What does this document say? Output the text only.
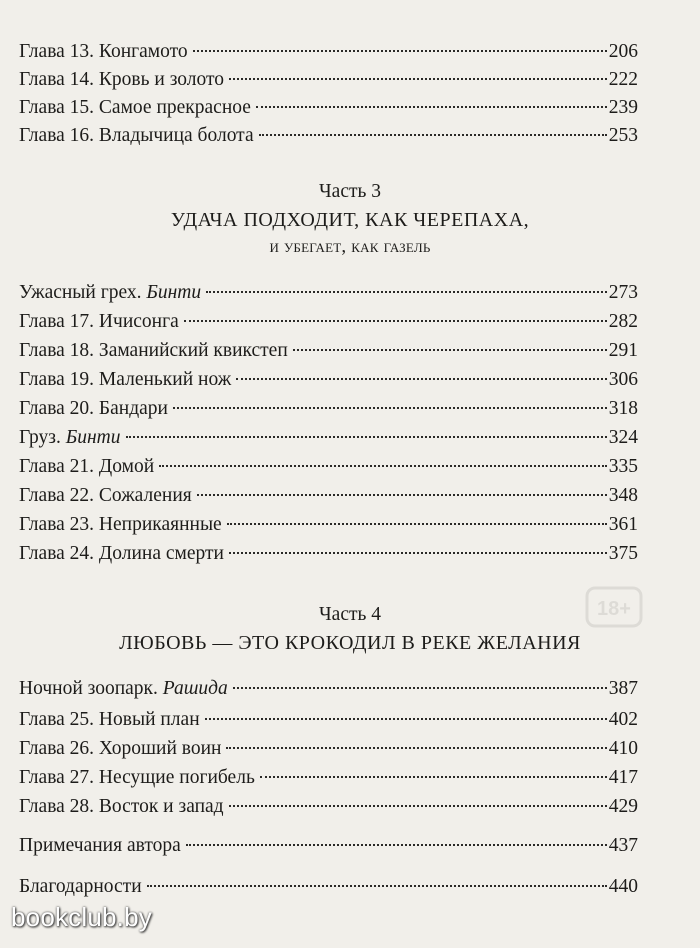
Глава 13. Конгамото	206
Глава 14. Кровь и золото	222
Глава 15. Самое прекрасное	239
Глава 16. Владычица болота	253
Часть 3
УДАЧА ПОДХОДИТ, КАК ЧЕРЕПАХА,
и убегает, как газель
Ужасный грех. Бинти	273
Глава 17. Ичисонга	282
Глава 18. Заманийский квикстеп	291
Глава 19. Маленький нож	306
Глава 20. Бандари	318
Груз. Бинти	324
Глава 21. Домой	335
Глава 22. Сожаления	348
Глава 23. Неприкаянные	361
Глава 24. Долина смерти	375
18+
Часть 4
ЛЮБОВЬ — ЭТО КРОКОДИЛ В РЕКЕ ЖЕЛАНИЯ
Ночной зоопарк. Рашида	387
Глава 25. Новый план	402
Глава 26. Хороший воин	410
Глава 27. Несущие погибель	417
Глава 28. Восток и запад	429
Примечания автора	437
Благодарности	440
bookclub.by
